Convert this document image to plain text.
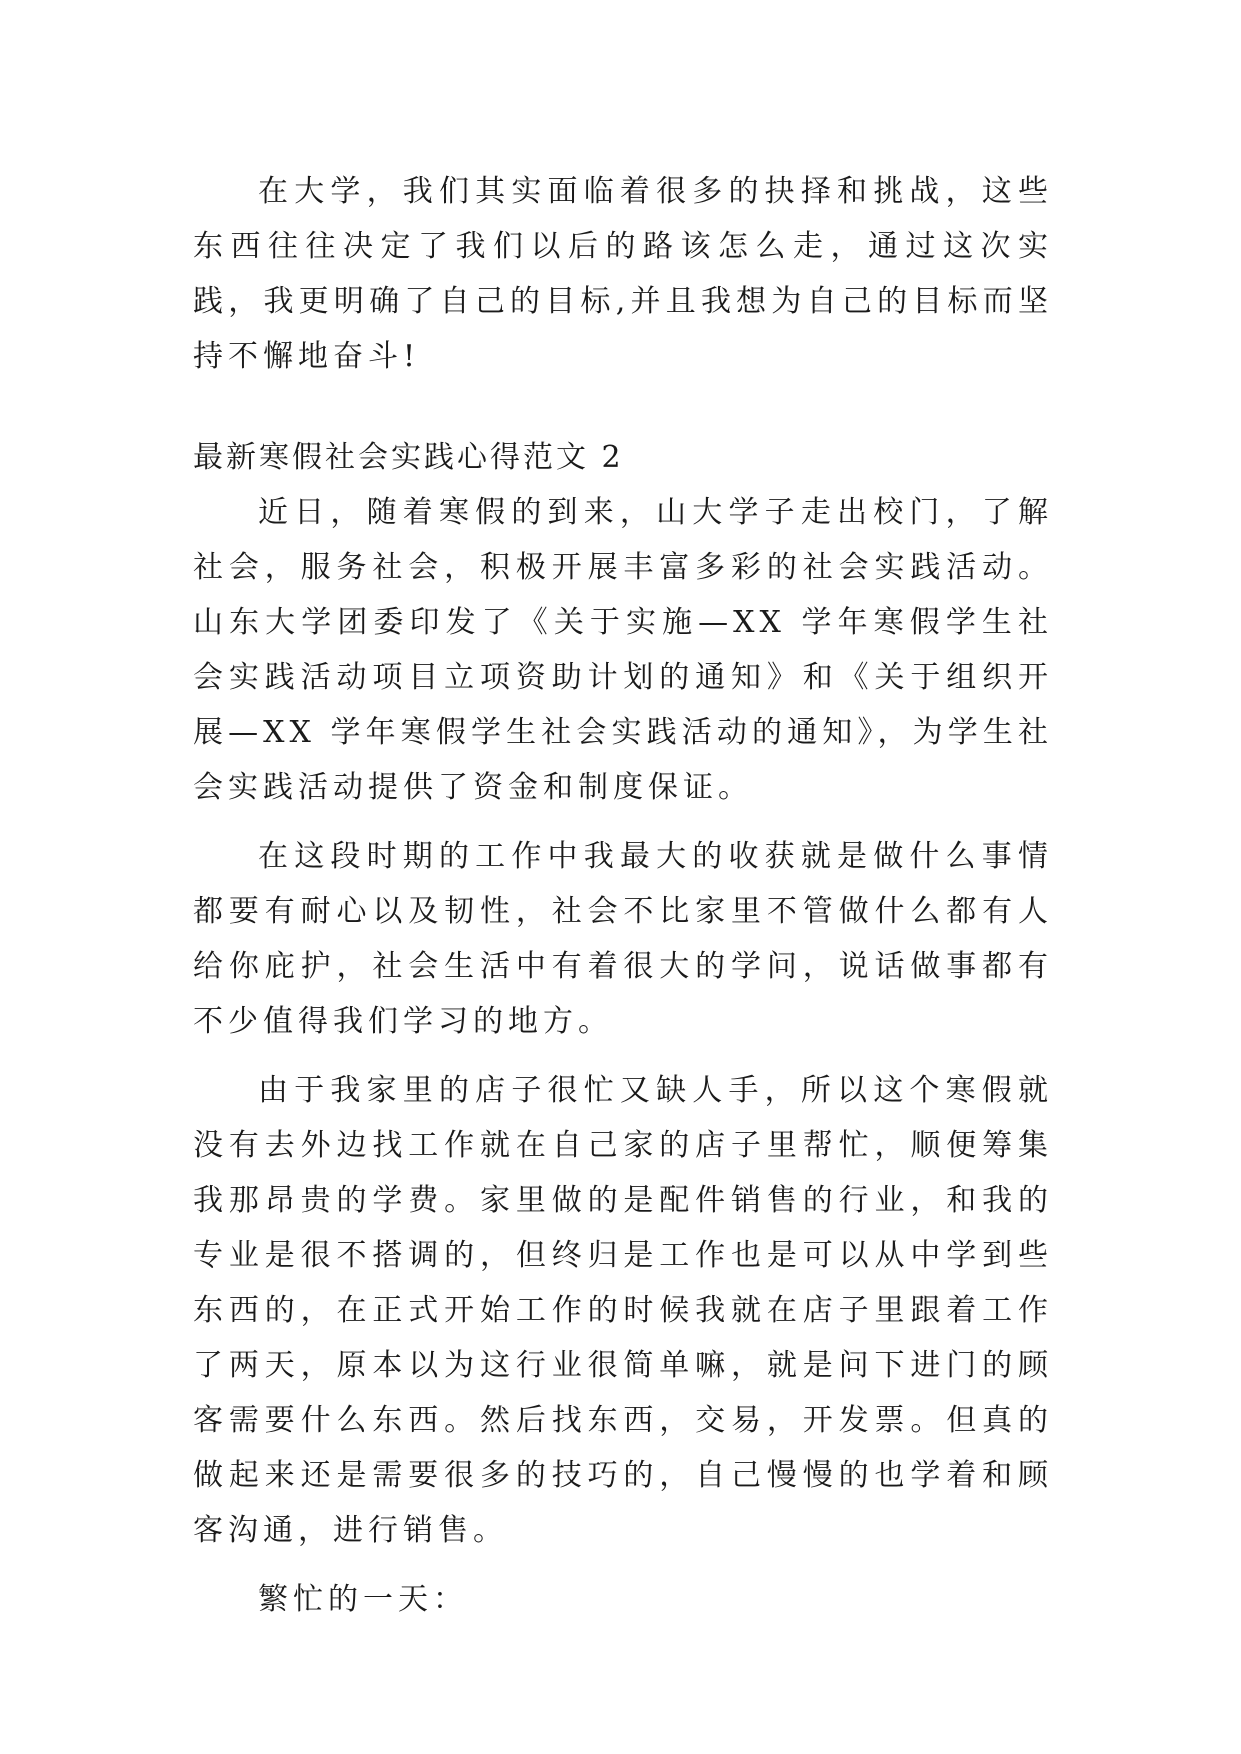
在大学，我们其实面临着很多的抉择和挑战，这些东西往往决定了我们以后的路该怎么走，通过这次实践，我更明确了自己的目标,并且我想为自己的目标而坚持不懈地奋斗!

最新寒假社会实践心得范文 2

近日，随着寒假的到来，山大学子走出校门，了解社会，服务社会，积极开展丰富多彩的社会实践活动。山东大学团委印发了《关于实施—XX 学年寒假学生社会实践活动项目立项资助计划的通知》和《关于组织开展—XX 学年寒假学生社会实践活动的通知》，为学生社会实践活动提供了资金和制度保证。

在这段时期的工作中我最大的收获就是做什么事情都要有耐心以及韧性，社会不比家里不管做什么都有人给你庇护，社会生活中有着很大的学问，说话做事都有不少值得我们学习的地方。

由于我家里的店子很忙又缺人手，所以这个寒假就没有去外边找工作就在自己家的店子里帮忙，顺便筹集我那昂贵的学费。家里做的是配件销售的行业，和我的专业是很不搭调的，但终归是工作也是可以从中学到些东西的，在正式开始工作的时候我就在店子里跟着工作了两天，原本以为这行业很简单嘛，就是问下进门的顾客需要什么东西。然后找东西，交易，开发票。但真的做起来还是需要很多的技巧的，自己慢慢的也学着和顾客沟通，进行销售。

繁忙的一天：
